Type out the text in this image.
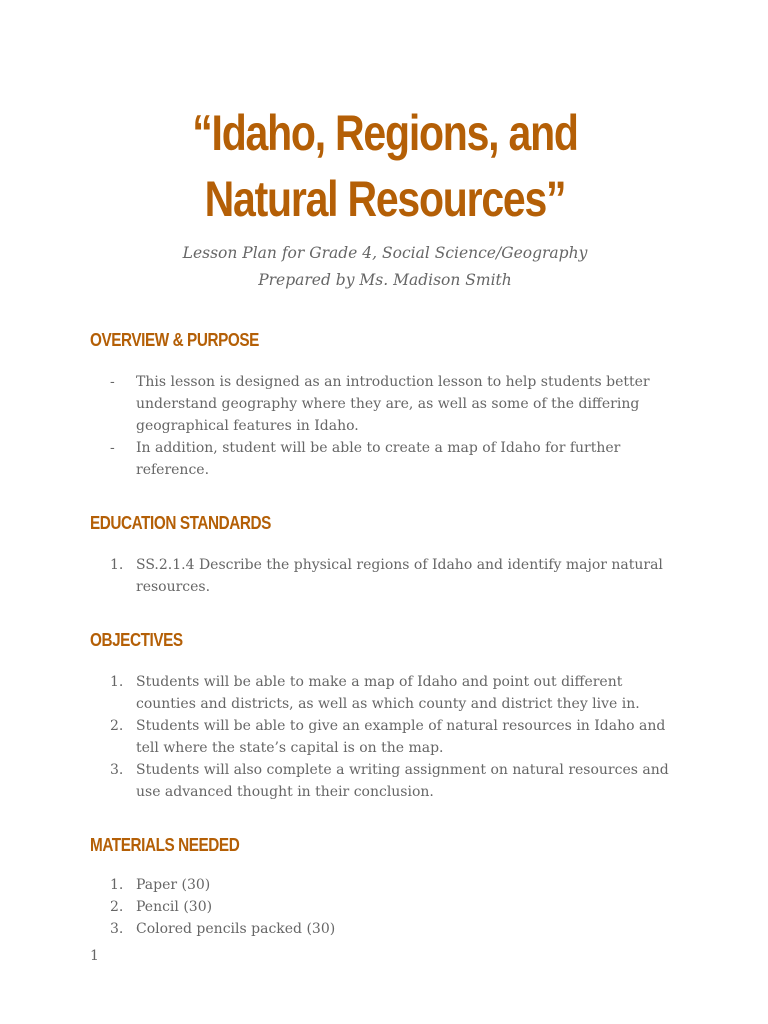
“Idaho, Regions, and Natural Resources”
Lesson Plan for Grade 4, Social Science/Geography
Prepared by Ms. Madison Smith
OVERVIEW & PURPOSE
- This lesson is designed as an introduction lesson to help students better understand geography where they are, as well as some of the differing geographical features in Idaho.
- In addition, student will be able to create a map of Idaho for further reference.
EDUCATION STANDARDS
1. SS.2.1.4 Describe the physical regions of Idaho and identify major natural resources.
OBJECTIVES
1. Students will be able to make a map of Idaho and point out different counties and districts, as well as which county and district they live in.
2. Students will be able to give an example of natural resources in Idaho and tell where the state’s capital is on the map.
3. Students will also complete a writing assignment on natural resources and use advanced thought in their conclusion.
MATERIALS NEEDED
1. Paper (30)
2. Pencil (30)
3. Colored pencils packed (30)
1
